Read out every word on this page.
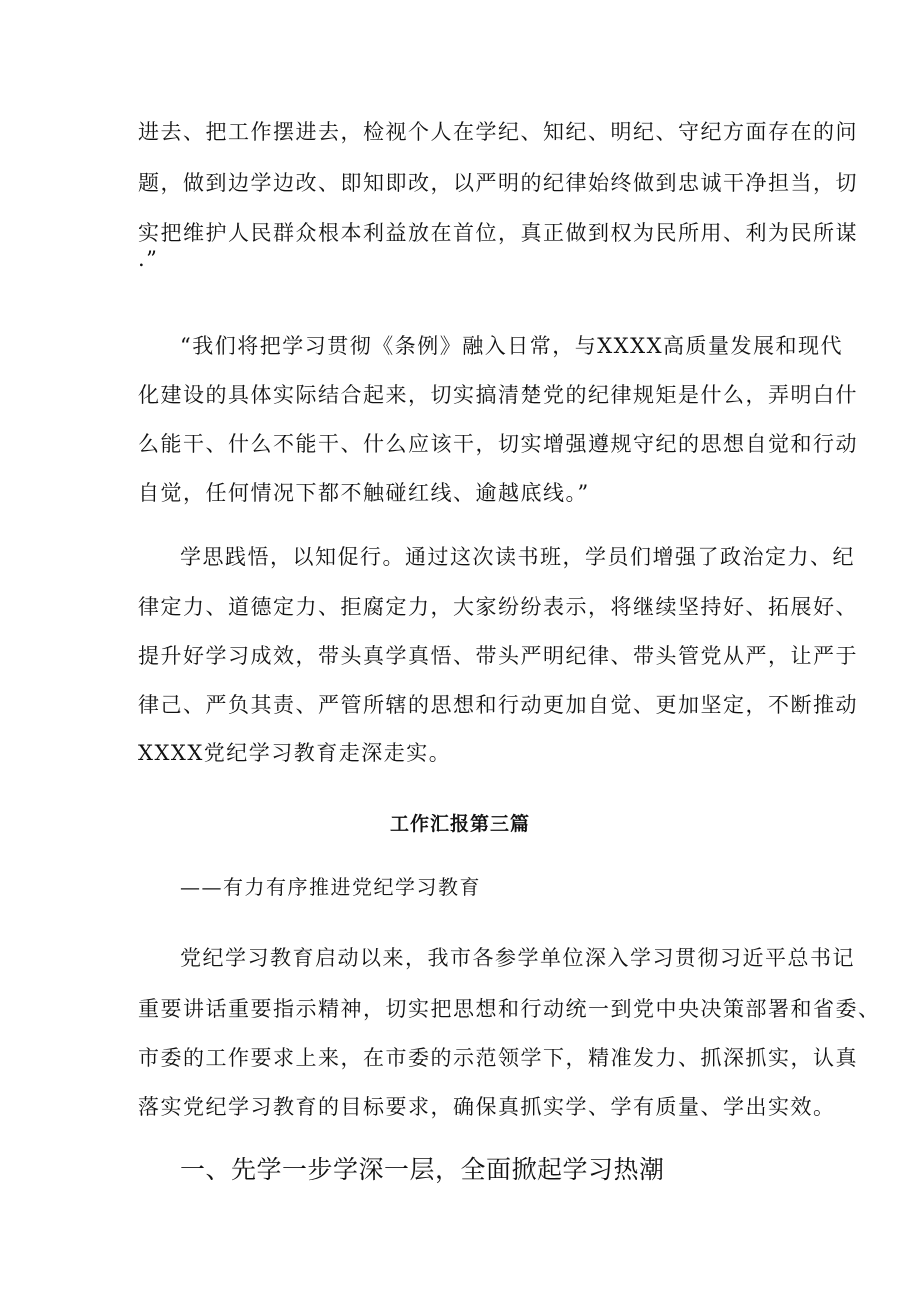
进去、把工作摆进去，检视个人在学纪、知纪、明纪、守纪方面存在的问
题，做到边学边改、即知即改，以严明的纪律始终做到忠诚干净担当，切
实把维护人民群众根本利益放在首位，真正做到权为民所用、利为民所谋
.”
“我们将把学习贯彻《条例》融入日常，与XXXX高质量发展和现代
化建设的具体实际结合起来，切实搞清楚党的纪律规矩是什么，弄明白什
么能干、什么不能干、什么应该干，切实增强遵规守纪的思想自觉和行动
自觉，任何情况下都不触碰红线、逾越底线。”
学思践悟，以知促行。通过这次读书班，学员们增强了政治定力、纪
律定力、道德定力、拒腐定力，大家纷纷表示，将继续坚持好、拓展好、
提升好学习成效，带头真学真悟、带头严明纪律、带头管党从严，让严于
律己、严负其责、严管所辖的思想和行动更加自觉、更加坚定，不断推动
XXXX党纪学习教育走深走实。
工作汇报第三篇
——有力有序推进党纪学习教育
党纪学习教育启动以来，我市各参学单位深入学习贯彻习近平总书记
重要讲话重要指示精神，切实把思想和行动统一到党中央决策部署和省委、
市委的工作要求上来，在市委的示范领学下，精准发力、抓深抓实，认真
落实党纪学习教育的目标要求，确保真抓实学、学有质量、学出实效。
一、先学一步学深一层，全面掀起学习热潮
